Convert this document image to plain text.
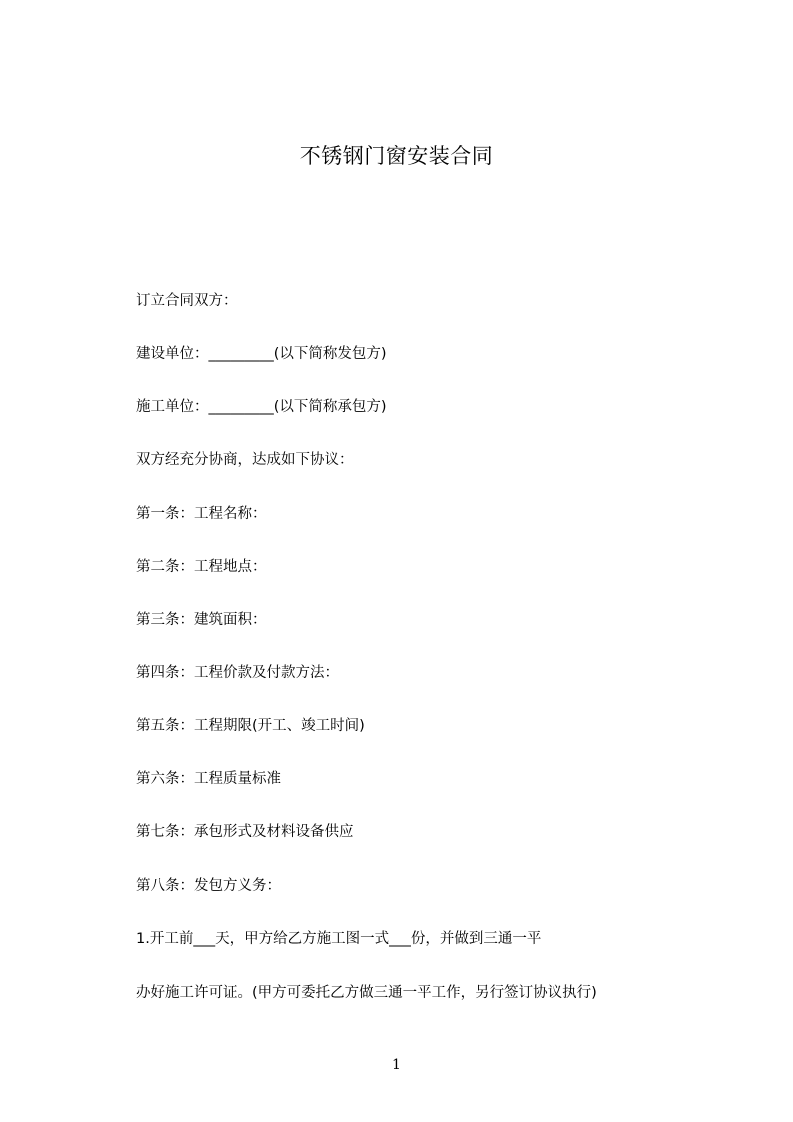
不锈钢门窗安装合同
订立合同双方：
建设单位：_________(以下简称发包方)
施工单位：_________(以下简称承包方)
双方经充分协商，达成如下协议：
第一条：工程名称：
第二条：工程地点：
第三条：建筑面积：
第四条：工程价款及付款方法：
第五条：工程期限(开工、竣工时间)
第六条：工程质量标准
第七条：承包形式及材料设备供应
第八条：发包方义务：
1.开工前___天，甲方给乙方施工图一式___份，并做到三通一平
办好施工许可证。(甲方可委托乙方做三通一平工作，另行签订协议执行)
1
